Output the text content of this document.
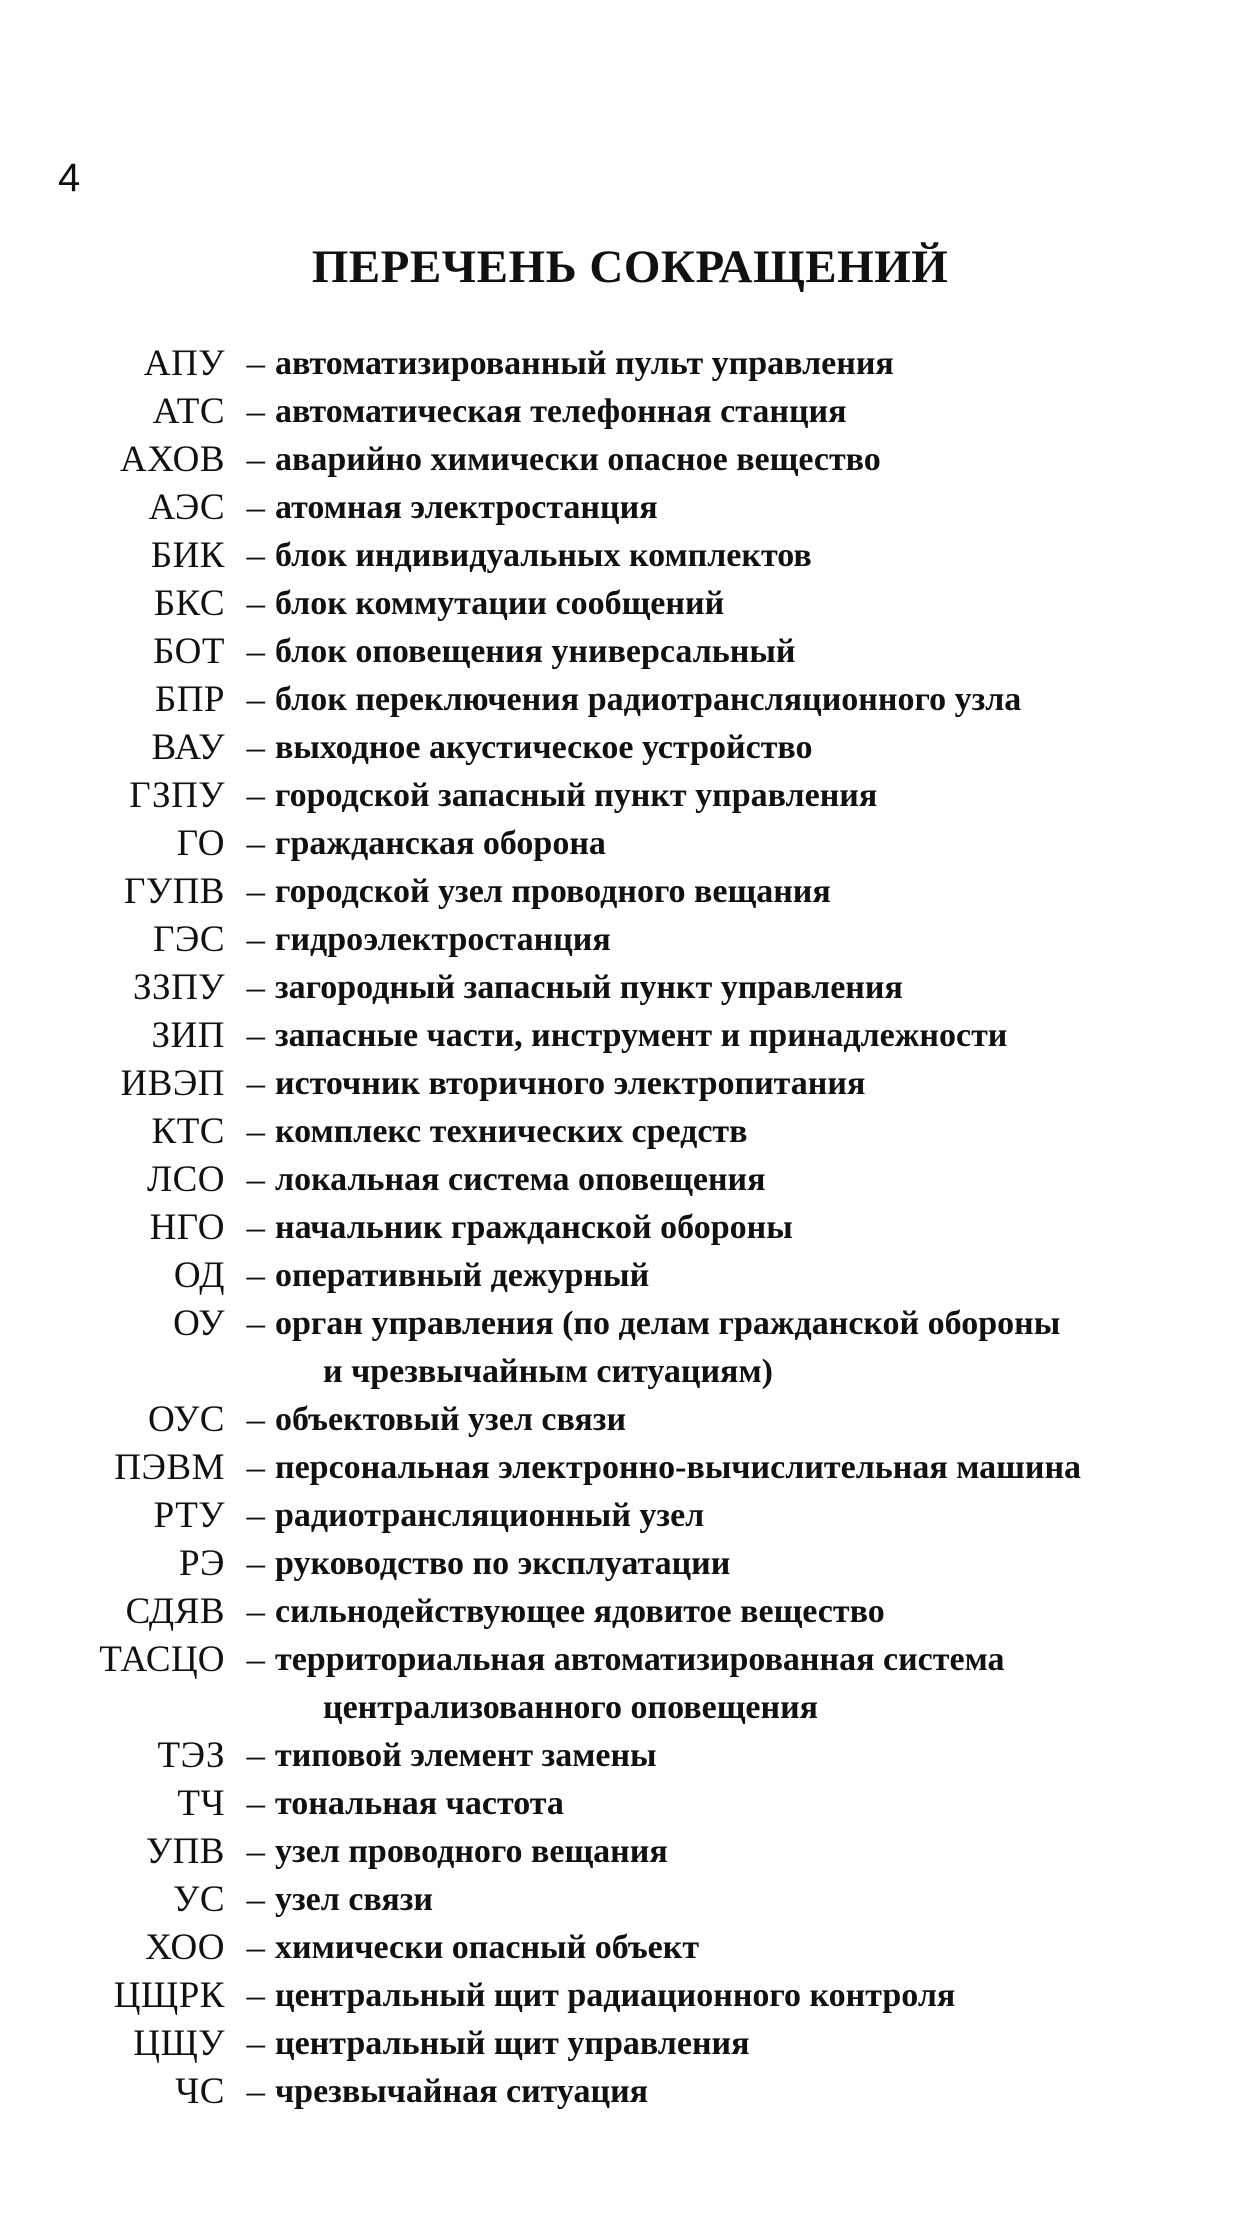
4
ПЕРЕЧЕНЬ СОКРАЩЕНИЙ
АПУ – автоматизированный пульт управления
АТС – автоматическая телефонная станция
АХОВ – аварийно химически опасное вещество
АЭС – атомная электростанция
БИК – блок индивидуальных комплектов
БКС – блок коммутации сообщений
БОТ – блок оповещения универсальный
БПР – блок переключения радиотрансляционного узла
ВАУ – выходное акустическое устройство
ГЗПУ – городской запасный пункт управления
ГО – гражданская оборона
ГУПВ – городской узел проводного вещания
ГЭС – гидроэлектростанция
ЗЗПУ – загородный запасный пункт управления
ЗИП – запасные части, инструмент и принадлежности
ИВЭП – источник вторичного электропитания
КТС – комплекс технических средств
ЛСО – локальная система оповещения
НГО – начальник гражданской обороны
ОД – оперативный дежурный
ОУ – орган управления (по делам гражданской обороны
и чрезвычайным ситуациям)
ОУС – объектовый узел связи
ПЭВМ – персональная электронно-вычислительная машина
РТУ – радиотрансляционный узел
РЭ – руководство по эксплуатации
СДЯВ – сильнодействующее ядовитое вещество
ТАСЦО – территориальная автоматизированная система
централизованного оповещения
ТЭЗ – типовой элемент замены
ТЧ – тональная частота
УПВ – узел проводного вещания
УС – узел связи
ХОО – химически опасный объект
ЦЩРК – центральный щит радиационного контроля
ЦЩУ – центральный щит управления
ЧС – чрезвычайная ситуация
